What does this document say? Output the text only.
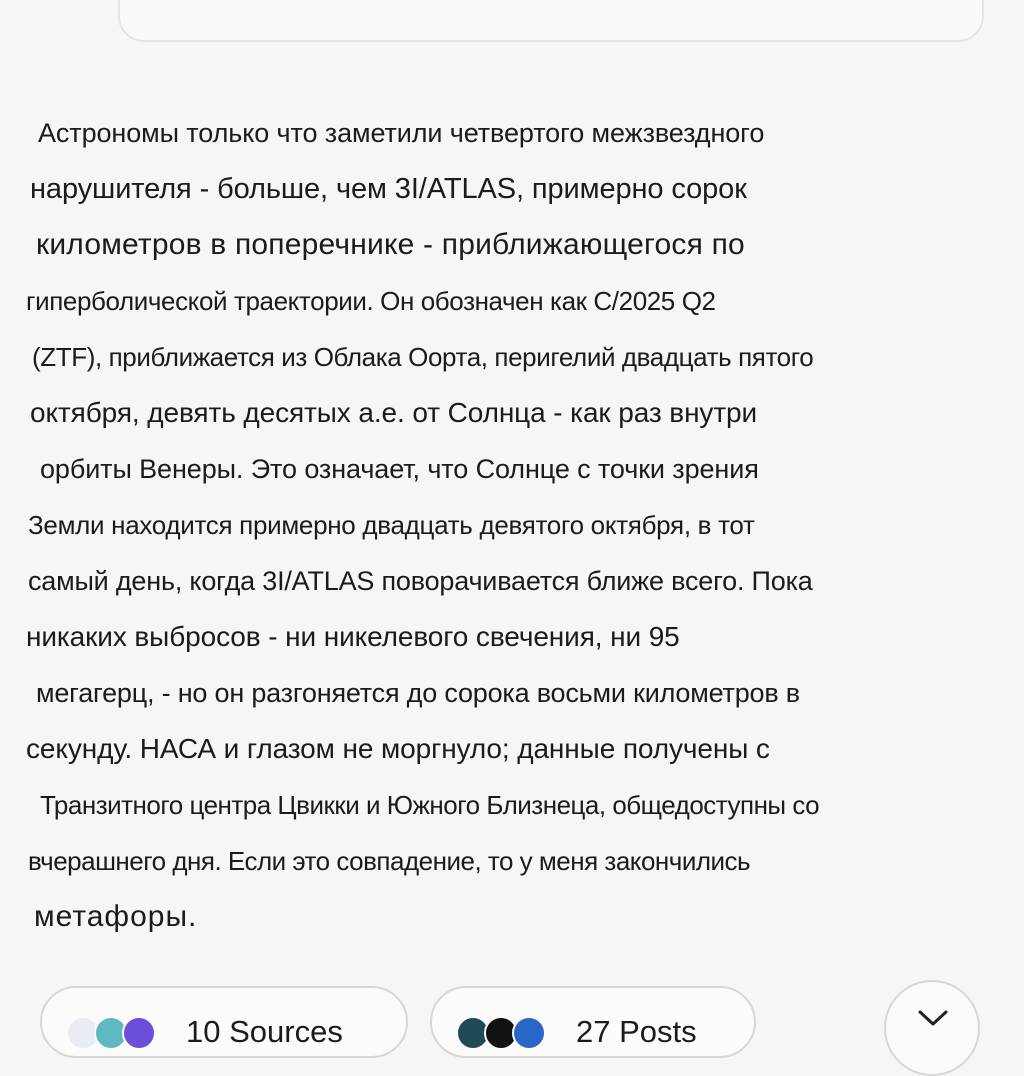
Астрономы только что заметили четвертого межзвездного
нарушителя - больше, чем 3I/ATLAS, примерно сорок
километров в поперечнике - приближающегося по
гиперболической траектории. Он обозначен как C/2025 Q2
(ZTF), приближается из Облака Оорта, перигелий двадцать пятого
октября, девять десятых а.е. от Солнца - как раз внутри
орбиты Венеры. Это означает, что Солнце с точки зрения
Земли находится примерно двадцать девятого октября, в тот
самый день, когда 3I/ATLAS поворачивается ближе всего. Пока
никаких выбросов - ни никелевого свечения, ни 95
мегагерц, - но он разгоняется до сорока восьми километров в
секунду. НАСА и глазом не моргнуло; данные получены с
Транзитного центра Цвикки и Южного Близнеца, общедоступны со
вчерашнего дня. Если это совпадение, то у меня закончились
метафоры.
10 Sources	27 Posts
